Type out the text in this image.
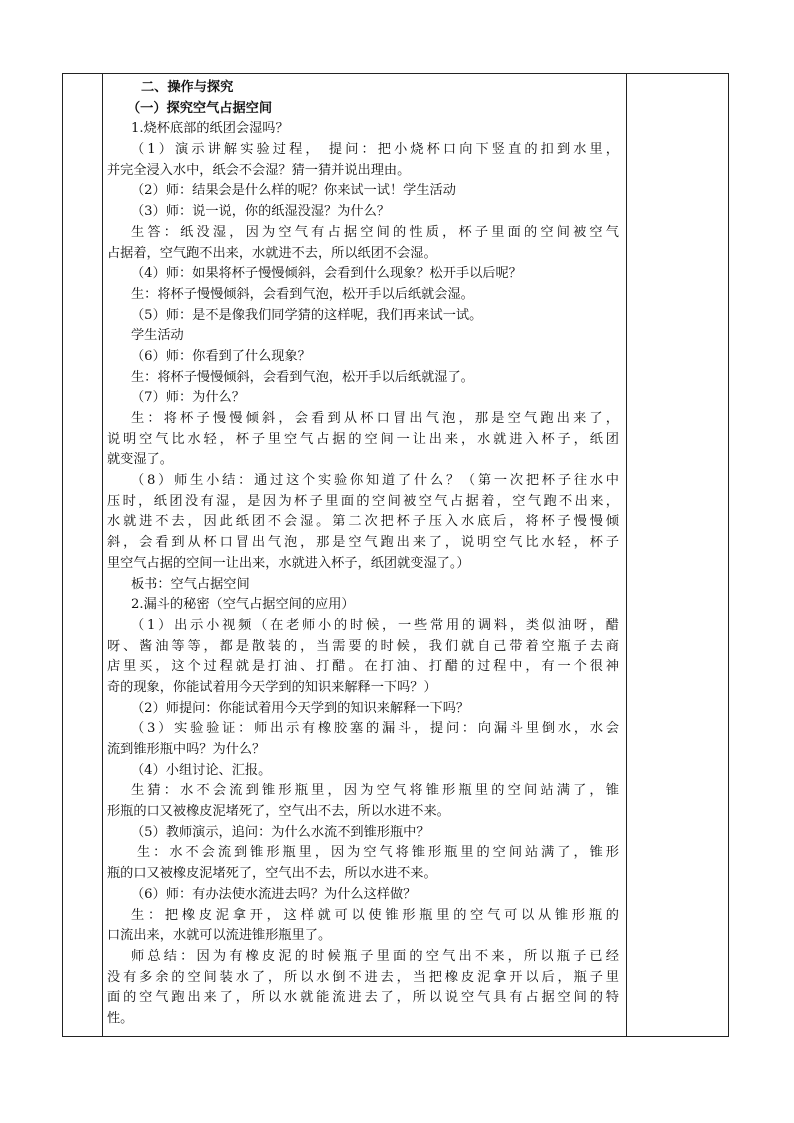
二、操作与探究
（一）探究空气占据空间
1.烧杯底部的纸团会湿吗？
（1）演示讲解实验过程， 提问：把小烧杯口向下竖直的扣到水里，
并完全浸入水中，纸会不会湿？猜一猜并说出理由。
（2）师：结果会是什么样的呢？你来试一试！学生活动
（3）师：说一说，你的纸湿没湿？为什么？
生答：纸没湿，因为空气有占据空间的性质，杯子里面的空间被空气
占据着，空气跑不出来，水就进不去，所以纸团不会湿。
（4）师：如果将杯子慢慢倾斜，会看到什么现象？松开手以后呢？
生：将杯子慢慢倾斜，会看到气泡，松开手以后纸就会湿。
（5）师：是不是像我们同学猜的这样呢，我们再来试一试。
学生活动
（6）师：你看到了什么现象？
生：将杯子慢慢倾斜，会看到气泡，松开手以后纸就湿了。
（7）师：为什么？
生：将杯子慢慢倾斜，会看到从杯口冒出气泡，那是空气跑出来了，
说明空气比水轻，杯子里空气占据的空间一让出来，水就进入杯子，纸团
就变湿了。
（8）师生小结：通过这个实验你知道了什么？（第一次把杯子往水中
压时，纸团没有湿，是因为杯子里面的空间被空气占据着，空气跑不出来，
水就进不去，因此纸团不会湿。第二次把杯子压入水底后，将杯子慢慢倾
斜，会看到从杯口冒出气泡，那是空气跑出来了，说明空气比水轻，杯子
里空气占据的空间一让出来，水就进入杯子，纸团就变湿了。）
板书：空气占据空间
2.漏斗的秘密（空气占据空间的应用）
（1）出示小视频（在老师小的时候，一些常用的调料，类似油呀，醋
呀、酱油等等，都是散装的，当需要的时候，我们就自己带着空瓶子去商
店里买，这个过程就是打油、打醋。在打油、打醋的过程中，有一个很神
奇的现象，你能试着用今天学到的知识来解释一下吗？）
（2）师提问：你能试着用今天学到的知识来解释一下吗？
（3）实验验证：师出示有橡胶塞的漏斗，提问：向漏斗里倒水，水会
流到锥形瓶中吗？为什么？
（4）小组讨论、汇报。
生猜：水不会流到锥形瓶里，因为空气将锥形瓶里的空间站满了，锥
形瓶的口又被橡皮泥堵死了，空气出不去，所以水进不来。
（5）教师演示，追问：为什么水流不到锥形瓶中？
生：水不会流到锥形瓶里，因为空气将锥形瓶里的空间站满了，锥形
瓶的口又被橡皮泥堵死了，空气出不去，所以水进不来。
（6）师：有办法使水流进去吗？为什么这样做？
生：把橡皮泥拿开，这样就可以使锥形瓶里的空气可以从锥形瓶的
口流出来，水就可以流进锥形瓶里了。
师总结：因为有橡皮泥的时候瓶子里面的空气出不来，所以瓶子已经
没有多余的空间装水了，所以水倒不进去，当把橡皮泥拿开以后，瓶子里
面的空气跑出来了，所以水就能流进去了，所以说空气具有占据空间的特
性。
